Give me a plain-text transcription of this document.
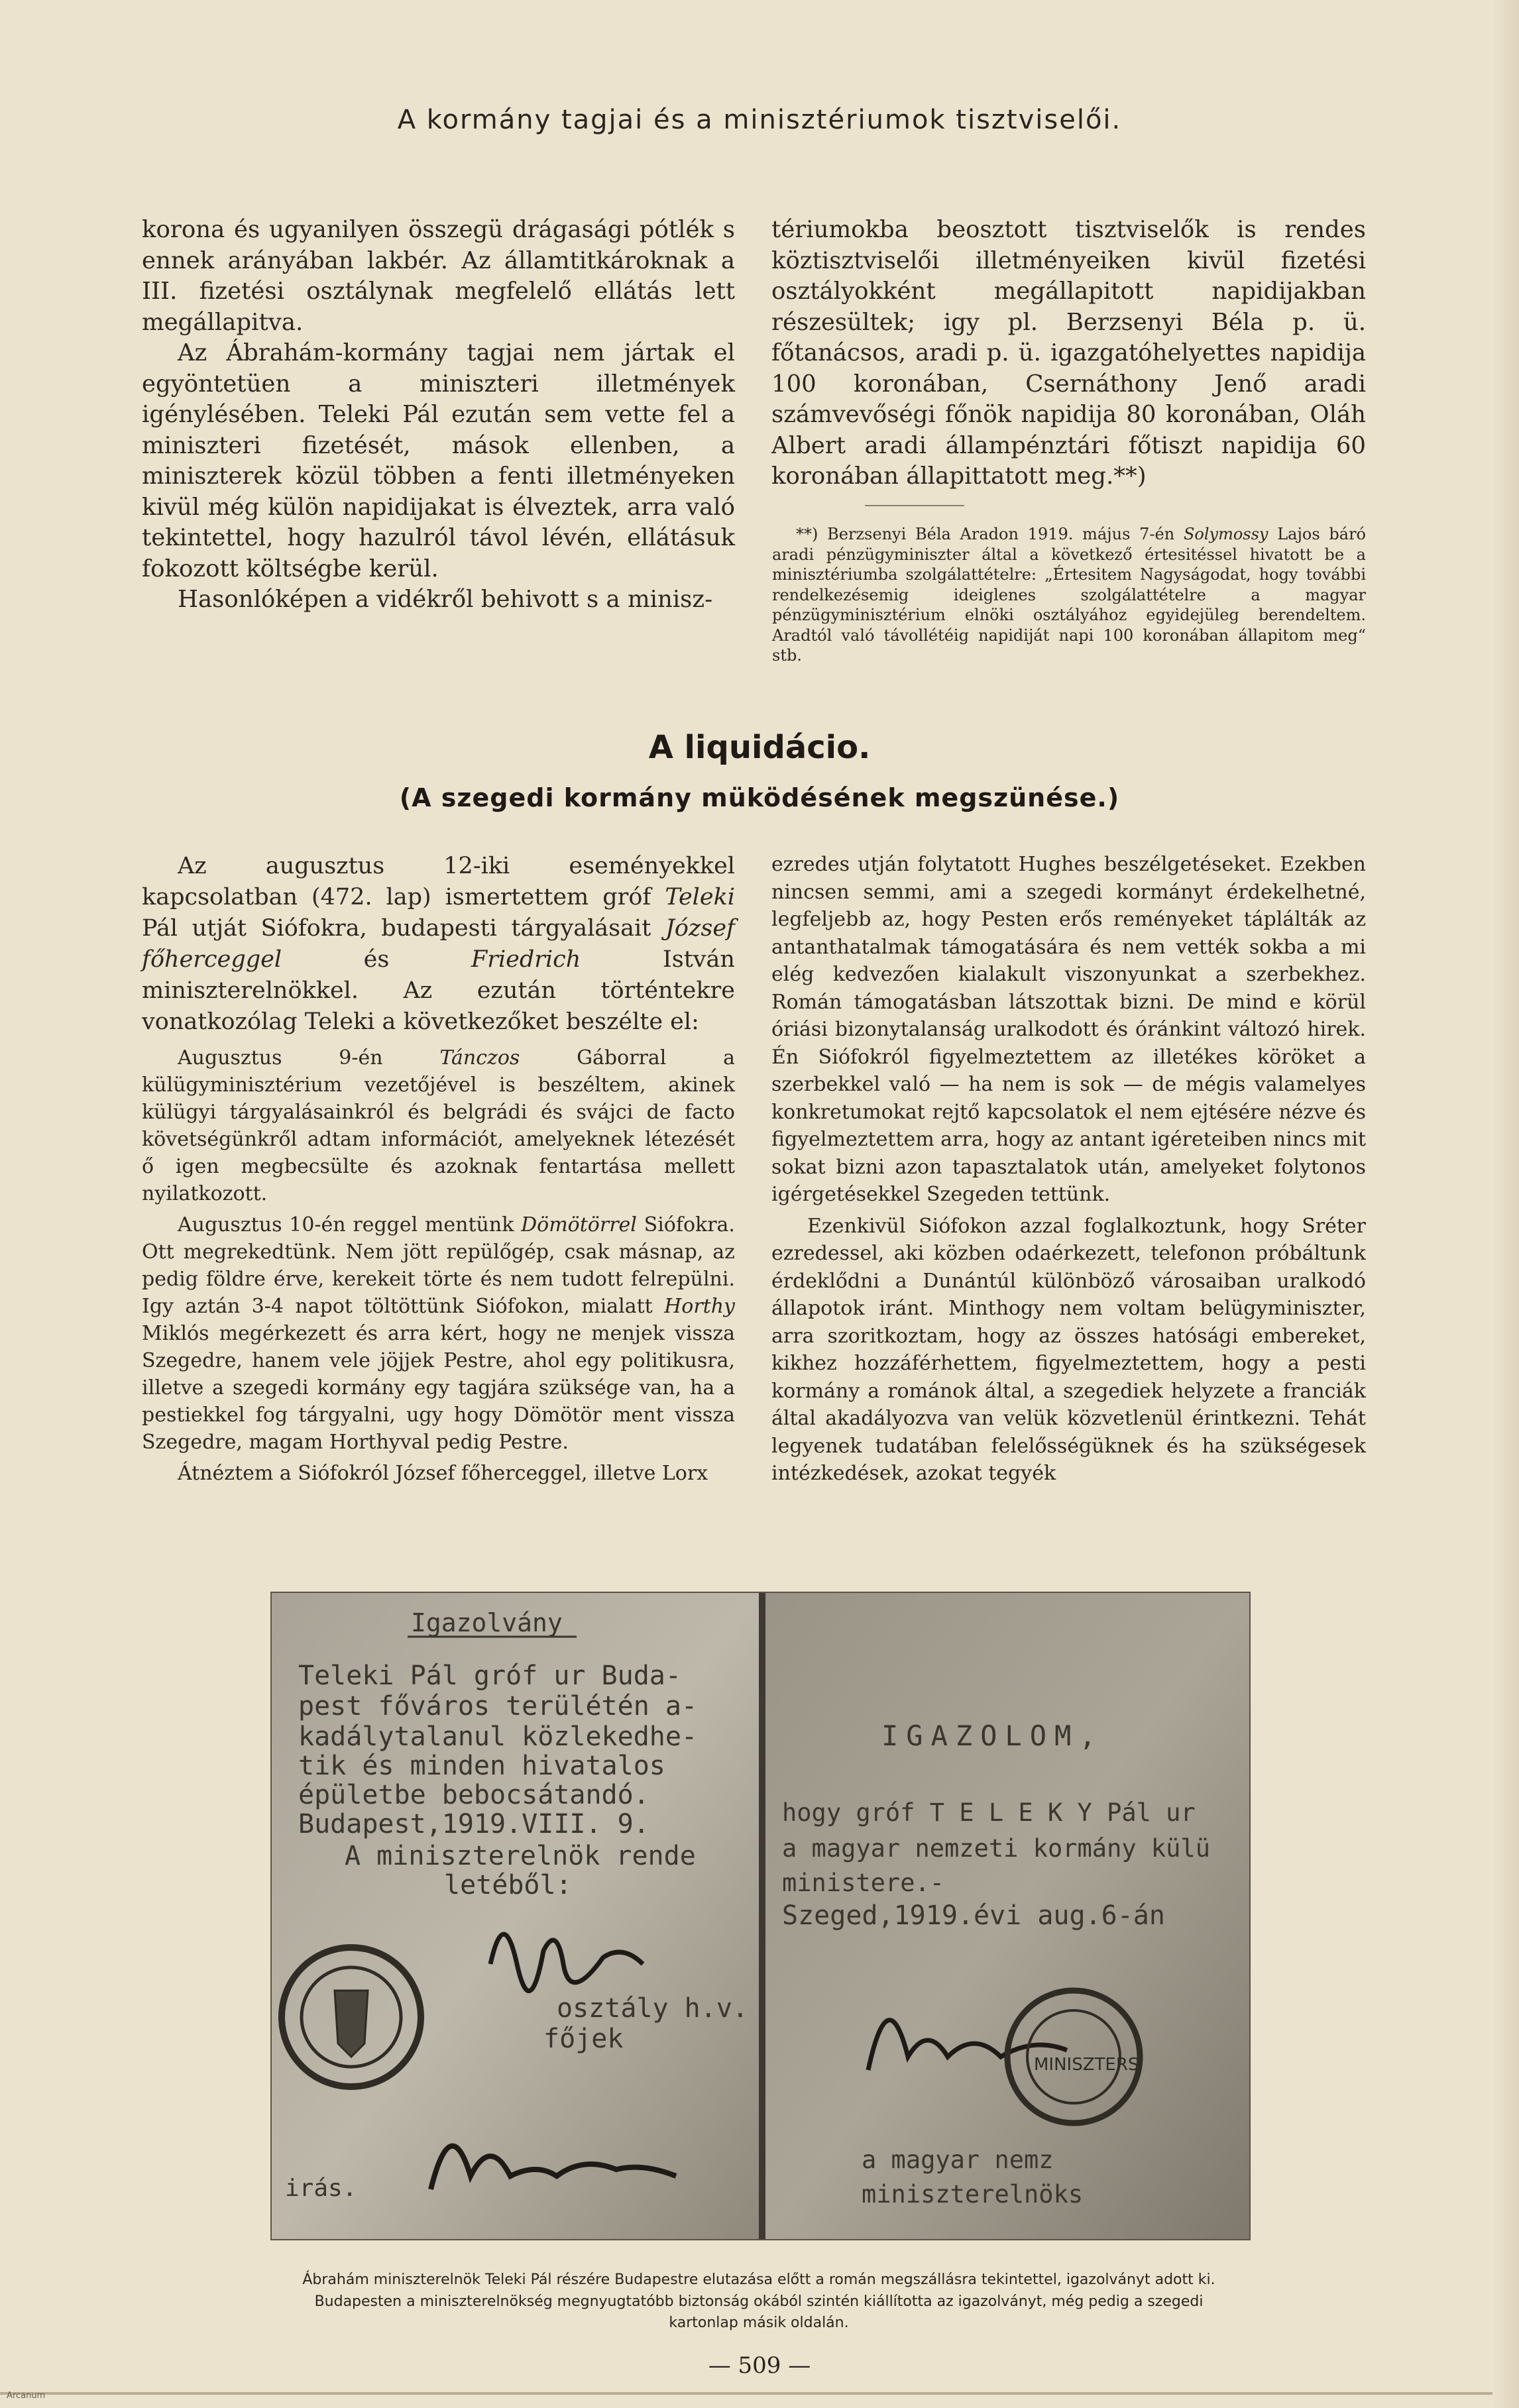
A kormány tagjai és a minisztériumok tisztviselői.

korona és ugyanilyen összegü drágasági pótlék s ennek arányában lakbér. Az államtitkároknak a III. fizetési osztálynak megfelelő ellátás lett megállapitva.

Az Ábrahám-kormány tagjai nem jártak el egyöntetüen a miniszteri illetmények igénylésében. Teleki Pál ezután sem vette fel a miniszteri fizetését, mások ellenben, a miniszterek közül többen a fenti illetményeken kivül még külön napidijakat is élveztek, arra való tekintettel, hogy hazulról távol lévén, ellátásuk fokozott költségbe kerül.

Hasonlóképen a vidékről behivott s a minisz-

tériumokba beosztott tisztviselők is rendes köztisztviselői illetményeiken kivül fizetési osztályokként megállapitott napidijakban részesültek; igy pl. Berzsenyi Béla p. ü. főtanácsos, aradi p. ü. igazgatóhelyettes napidija 100 koronában, Csernáthony Jenő aradi számvevőségi főnök napidija 80 koronában, Oláh Albert aradi állampénztári főtiszt napidija 60 koronában állapittatott meg.**)

**) Berzsenyi Béla Aradon 1919. május 7-én Solymossy Lajos báró aradi pénzügyminiszter által a következő értesitéssel hivatott be a minisztériumba szolgálattételre: „Értesitem Nagyságodat, hogy további rendelkezésemig ideiglenes szolgálattételre a magyar pénzügyminisztérium elnöki osztályához egyidejüleg berendeltem. Aradtól való távollétéig napidiját napi 100 koronában állapitom meg“ stb.

A liquidácio.
(A szegedi kormány müködésének megszünése.)

Az augusztus 12-iki eseményekkel kapcsolatban (472. lap) ismertettem gróf Teleki Pál utját Siófokra, budapesti tárgyalásait József főherceggel	és	Friedrich	István miniszterelnökkel. Az ezután történtekre vonatkozólag Teleki a következőket beszélte el:

Augusztus 9-én	Tánczos	Gáborral a külügyminisztérium vezetőjével is beszéltem, akinek külügyi tárgyalásainkról és belgrádi és svájci de facto követségünkről adtam információt, amelyeknek létezését ő igen megbecsülte és azoknak fentartása mellett nyilatkozott.

Augusztus 10-én reggel mentünk Dömötörrel Siófokra. Ott megrekedtünk. Nem jött repülőgép, csak másnap, az pedig földre érve, kerekeit törte és nem tudott felrepülni. Igy aztán 3-4 napot töltöttünk Siófokon, mialatt Horthy Miklós megérkezett és arra kért, hogy ne menjek vissza Szegedre, hanem vele jöjjek Pestre, ahol egy politikusra, illetve a szegedi kormány egy tagjára szüksége van, ha a pestiekkel fog tárgyalni, ugy hogy Dömötör ment vissza Szegedre, magam Horthyval pedig Pestre.

Átnéztem a Siófokról József főherceggel, illetve Lorx

ezredes utján folytatott Hughes beszélgetéseket. Ezekben nincsen semmi, ami a szegedi kormányt érdekelhetné, legfeljebb az, hogy Pesten erős reményeket táplálták az antanthatalmak támogatására és nem vették sokba a mi elég kedvezően kialakult viszonyunkat a szerbekhez. Román támogatásban látszottak bizni. De mind e körül óriási bizonytalanság uralkodott és óránkint változó hirek. Én Siófokról figyelmeztettem az illetékes köröket a szerbekkel való — ha nem is sok — de mégis valamelyes konkretumokat rejtő kapcsolatok el nem ejtésére nézve és figyelmeztettem arra, hogy az antant igéreteiben nincs mit sokat bizni azon tapasztalatok után, amelyeket folytonos igérgetésekkel Szegeden tettünk.

Ezenkivül Siófokon azzal foglalkoztunk, hogy Sréter ezredessel, aki közben odaérkezett, telefonon próbáltunk érdeklődni a Dunántúl különböző városaiban uralkodó állapotok iránt. Minthogy nem voltam belügyminiszter, arra szoritkoztam, hogy az összes hatósági embereket, kikhez hozzáférhettem, figyelmeztettem, hogy a pesti kormány a románok által, a szegediek helyzete a franciák által akadályozva van velük közvetlenül érintkezni. Tehát legyenek tudatában felelősségüknek és ha szükségesek intézkedések, azokat tegyék

Igazolvány
Teleki Pál gróf ur Buda-
pest főváros terülétén a-
kadálytalanul közlekedhe-
tik és minden hivatalos
épületbe bebocsátandó.
Budapest,1919.VIII. 9.
A miniszterelnök rende
letéből:
osztály h.v.
főjek
irás.
IGAZOLOM,
hogy gróf T E L E K Y Pál ur
a magyar nemzeti kormány külü
ministere.-
Szeged,1919.évi aug.6-án
a magyar nemz
miniszterelnöks
MINISZTERS
Ábrahám miniszterelnök Teleki Pál részére Budapestre elutazása előtt a román megszállásra tekintettel, igazolványt adott ki. Budapesten a miniszterelnökség megnyugtatóbb biztonság okából szintén kiállította az igazolványt, még pedig a szegedi kartonlap másik oldalán.
— 509 —
Arcanum
